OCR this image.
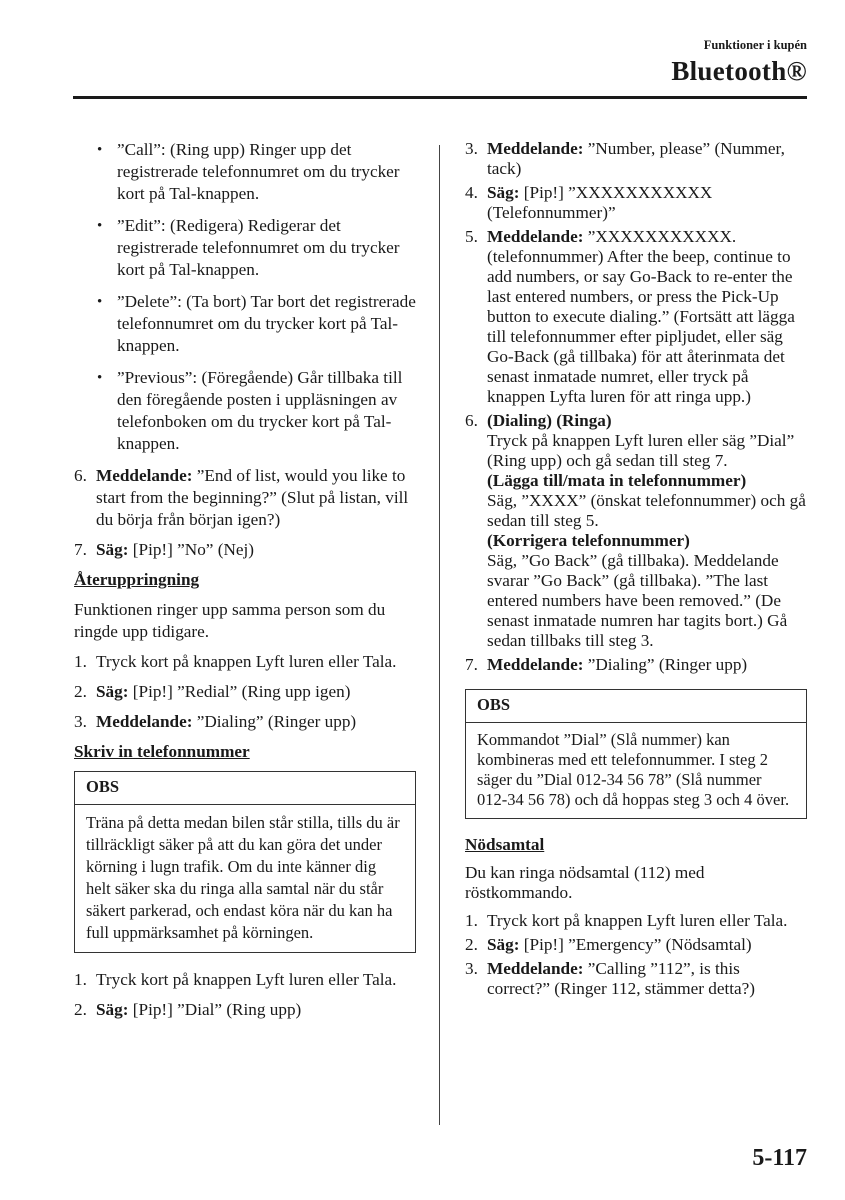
Funktioner i kupén
Bluetooth®
• ”Call”: (Ring upp) Ringer upp det registrerade telefonnumret om du trycker kort på Tal-knappen.
• ”Edit”: (Redigera) Redigerar det registrerade telefonnumret om du trycker kort på Tal-knappen.
• ”Delete”: (Ta bort) Tar bort det registrerade telefonnumret om du trycker kort på Tal-knappen.
• ”Previous”: (Föregående) Går tillbaka till den föregående posten i uppläsningen av telefonboken om du trycker kort på Tal-knappen.
6. Meddelande: ”End of list, would you like to start from the beginning?” (Slut på listan, vill du börja från början igen?)
7. Säg: [Pip!] ”No” (Nej)
Återuppringning
Funktionen ringer upp samma person som du ringde upp tidigare.
1. Tryck kort på knappen Lyft luren eller Tala.
2. Säg: [Pip!] ”Redial” (Ring upp igen)
3. Meddelande: ”Dialing” (Ringer upp)
Skriv in telefonnummer
OBS
Träna på detta medan bilen står stilla, tills du är tillräckligt säker på att du kan göra det under körning i lugn trafik. Om du inte känner dig helt säker ska du ringa alla samtal när du står säkert parkerad, och endast köra när du kan ha full uppmärksamhet på körningen.
1. Tryck kort på knappen Lyft luren eller Tala.
2. Säg: [Pip!] ”Dial” (Ring upp)
3. Meddelande: ”Number, please” (Nummer, tack)
4. Säg: [Pip!] ”XXXXXXXXXXX (Telefonnummer)”
5. Meddelande: ”XXXXXXXXXXX. (telefonnummer) After the beep, continue to add numbers, or say Go-Back to re-enter the last entered numbers, or press the Pick-Up button to execute dialing.” (Fortsätt att lägga till telefonnummer efter pipljudet, eller säg Go-Back (gå tillbaka) för att återinmata det senast inmatade numret, eller tryck på knappen Lyfta luren för att ringa upp.)
6. (Dialing) (Ringa)
Tryck på knappen Lyft luren eller säg ”Dial” (Ring upp) och gå sedan till steg 7.
(Lägga till/mata in telefonnummer)
Säg, ”XXXX” (önskat telefonnummer) och gå sedan till steg 5.
(Korrigera telefonnummer)
Säg, ”Go Back” (gå tillbaka). Meddelande svarar ”Go Back” (gå tillbaka). ”The last entered numbers have been removed.” (De senast inmatade numren har tagits bort.) Gå sedan tillbaks till steg 3.
7. Meddelande: ”Dialing” (Ringer upp)
OBS
Kommandot ”Dial” (Slå nummer) kan kombineras med ett telefonnummer. I steg 2 säger du ”Dial 012-34 56 78” (Slå nummer 012-34 56 78) och då hoppas steg 3 och 4 över.
Nödsamtal
Du kan ringa nödsamtal (112) med röstkommando.
1. Tryck kort på knappen Lyft luren eller Tala.
2. Säg: [Pip!] ”Emergency” (Nödsamtal)
3. Meddelande: ”Calling ”112”, is this correct?” (Ringer 112, stämmer detta?)
5-117
